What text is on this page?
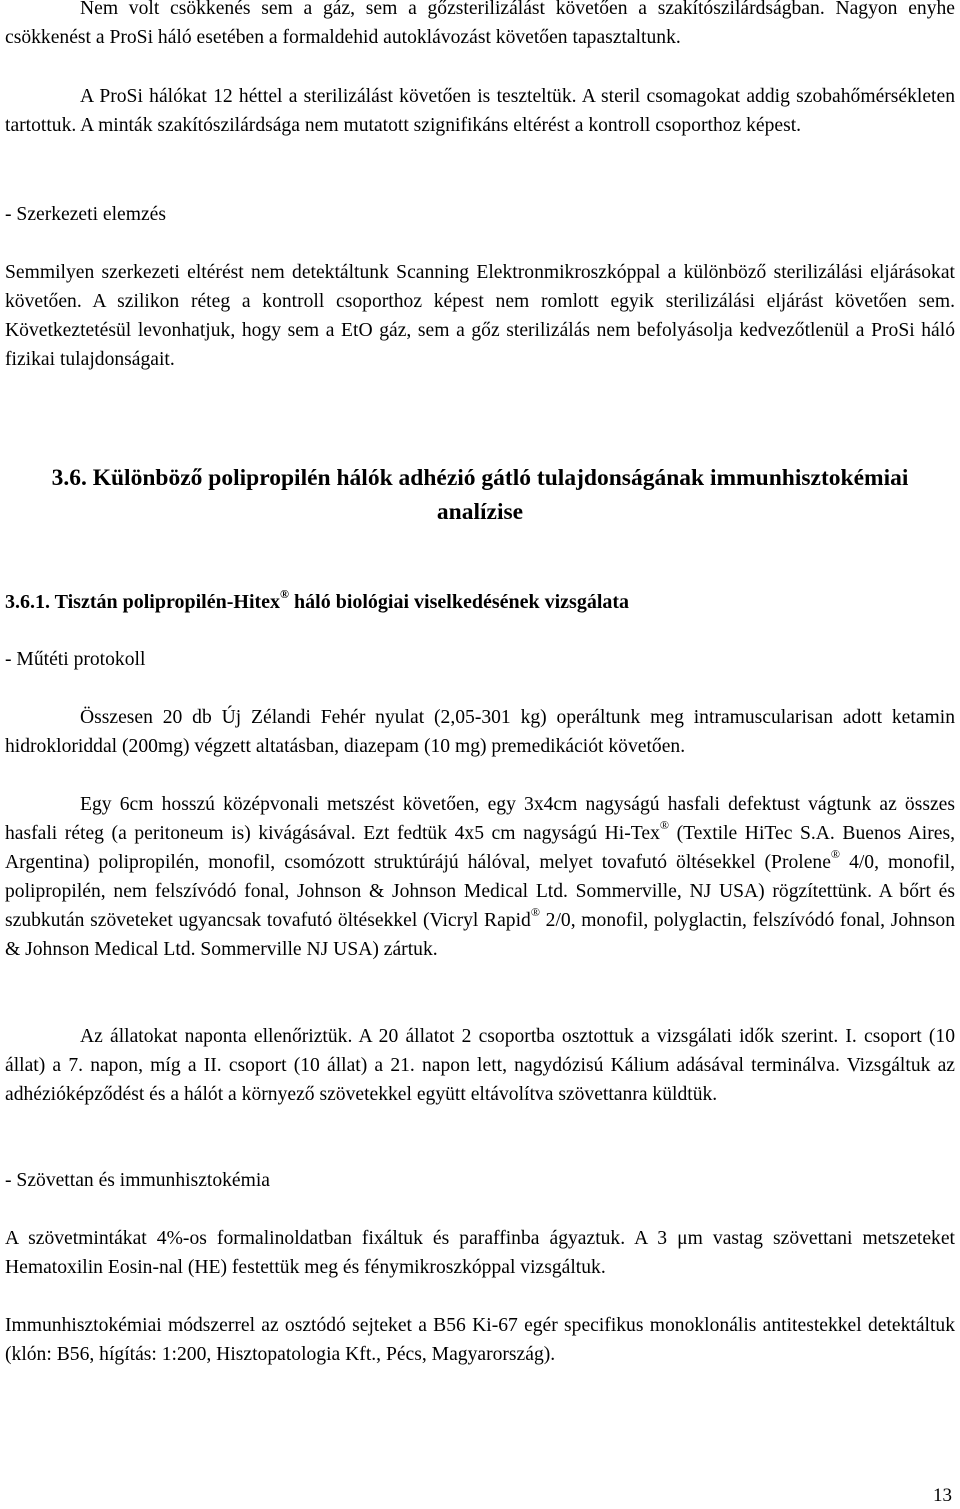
Nem volt csökkenés sem a gáz, sem a gőzsterilizálást követően a szakítószilárdságban. Nagyon enyhe csökkenést a ProSi háló esetében a formaldehid autoklávozást követően tapasztaltunk.

A ProSi hálókat 12 héttel a sterilizálást követően is teszteltük. A steril csomagokat addig szobahőmérsékleten tartottuk. A minták szakítószilárdsága nem mutatott szignifikáns eltérést a kontroll csoporthoz képest.

- Szerkezeti elemzés

Semmilyen szerkezeti eltérést nem detektáltunk Scanning Elektronmikroszkóppal a különböző sterilizálási eljárásokat követően. A szilikon réteg a kontroll csoporthoz képest nem romlott egyik sterilizálási eljárást követően sem. Következtetésül levonhatjuk, hogy sem a EtO gáz, sem a gőz sterilizálás nem befolyásolja kedvezőtlenül a ProSi háló fizikai tulajdonságait.

3.6. Különböző polipropilén hálók adhézió gátló tulajdonságának immunhisztokémiai analízise
3.6.1. Tisztán polipropilén-Hitex® háló biológiai viselkedésének vizsgálata

- Műtéti protokoll

Összesen 20 db Új Zélandi Fehér nyulat (2,05-301 kg) operáltunk meg intramuscularisan adott ketamin hidrokloriddal (200mg) végzett altatásban, diazepam (10 mg) premedikációt követően.

Egy 6cm hosszú középvonali metszést követően, egy 3x4cm nagyságú hasfali defektust vágtunk az összes hasfali réteg (a peritoneum is) kivágásával. Ezt fedtük 4x5 cm nagyságú Hi-Tex® (Textile HiTec S.A. Buenos Aires, Argentina) polipropilén, monofil, csomózott struktúrájú hálóval, melyet tovafutó öltésekkel (Prolene® 4/0, monofil, polipropilén, nem felszívódó fonal, Johnson & Johnson Medical Ltd. Sommerville, NJ USA) rögzítettünk. A bőrt és szubkután szöveteket ugyancsak tovafutó öltésekkel (Vicryl Rapid® 2/0, monofil, polyglactin, felszívódó fonal, Johnson & Johnson Medical Ltd. Sommerville NJ USA) zártuk.

Az állatokat naponta ellenőriztük. A 20 állatot 2 csoportba osztottuk a vizsgálati idők szerint. I. csoport (10 állat) a 7. napon, míg a II. csoport (10 állat) a 21. napon lett, nagydózisú Kálium adásával terminálva. Vizsgáltuk az adhézióképződést és a hálót a környező szövetekkel együtt eltávolítva szövettanra küldtük.

- Szövettan és immunhisztokémia

A szövetmintákat 4%-os formalinoldatban fixáltuk és paraffinba ágyaztuk. A 3 μm vastag szövettani metszeteket Hematoxilin Eosin-nal (HE) festettük meg és fénymikroszkóppal vizsgáltuk.

Immunhisztokémiai módszerrel az osztódó sejteket a B56 Ki-67 egér specifikus monoklonális antitestekkel detektáltuk (klón: B56, hígítás: 1:200, Hisztopatologia Kft., Pécs, Magyarország).

13
